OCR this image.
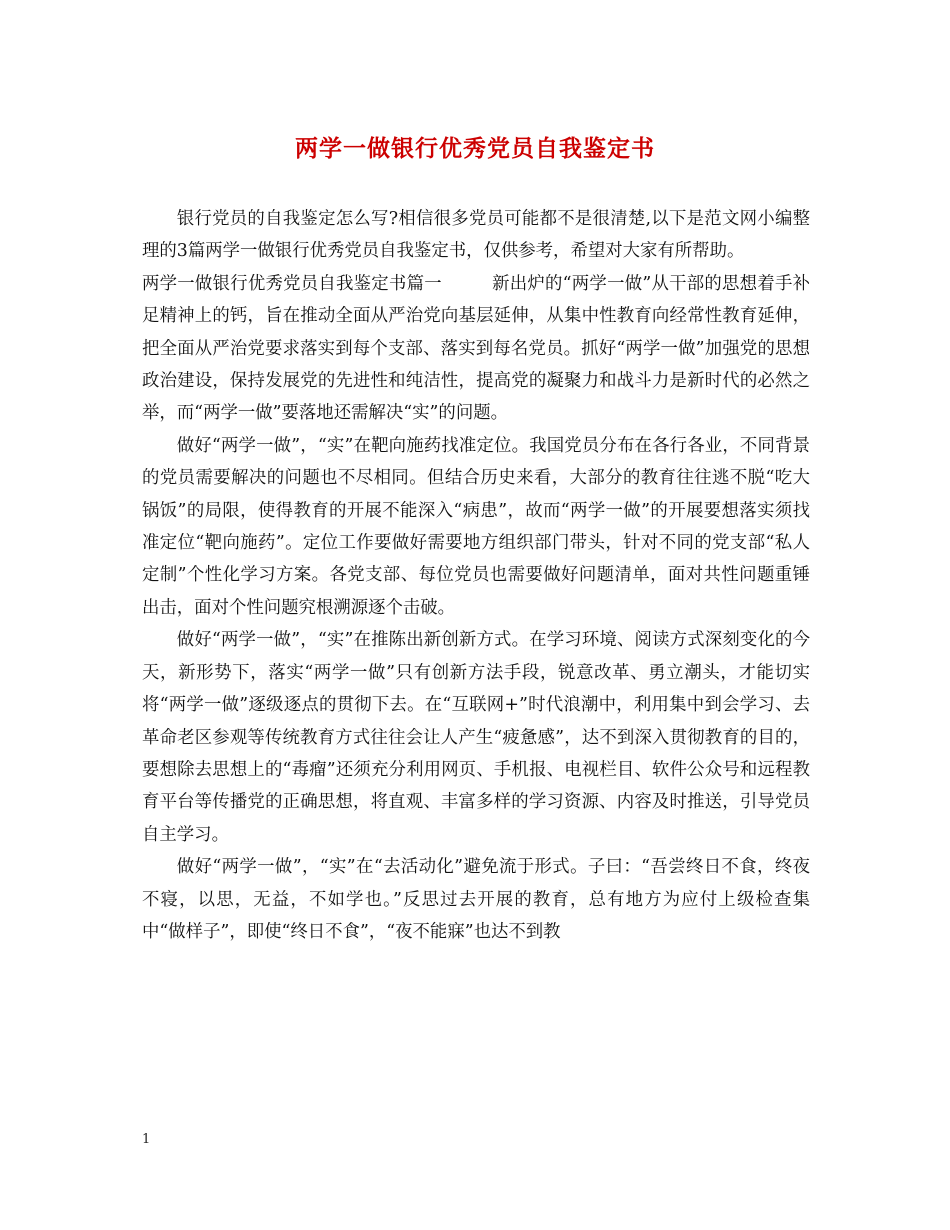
两学一做银行优秀党员自我鉴定书

银行党员的自我鉴定怎么写?相信很多党员可能都不是很清楚,以下是范文网小编整理的3篇两学一做银行优秀党员自我鉴定书，仅供参考，希望对大家有所帮助。

两学一做银行优秀党员自我鉴定书篇一	新出炉的“两学一做”从干部的思想着手补足精神上的钙，旨在推动全面从严治党向基层延伸，从集中性教育向经常性教育延伸，把全面从严治党要求落实到每个支部、落实到每名党员。抓好“两学一做”加强党的思想政治建设，保持发展党的先进性和纯洁性，提高党的凝聚力和战斗力是新时代的必然之举，而“两学一做”要落地还需解决“实”的问题。

做好“两学一做”，“实”在靶向施药找准定位。我国党员分布在各行各业，不同背景的党员需要解决的问题也不尽相同。但结合历史来看，大部分的教育往往逃不脱“吃大锅饭”的局限，使得教育的开展不能深入“病患”，故而“两学一做”的开展要想落实须找准定位“靶向施药”。定位工作要做好需要地方组织部门带头，针对不同的党支部“私人定制”个性化学习方案。各党支部、每位党员也需要做好问题清单，面对共性问题重锤出击，面对个性问题究根溯源逐个击破。

做好“两学一做”，“实”在推陈出新创新方式。在学习环境、阅读方式深刻变化的今天，新形势下，落实“两学一做”只有创新方法手段，锐意改革、勇立潮头，才能切实将“两学一做”逐级逐点的贯彻下去。在“互联网+”时代浪潮中，利用集中到会学习、去革命老区参观等传统教育方式往往会让人产生“疲惫感”，达不到深入贯彻教育的目的，要想除去思想上的“毒瘤”还须充分利用网页、手机报、电视栏目、软件公众号和远程教育平台等传播党的正确思想，将直观、丰富多样的学习资源、内容及时推送，引导党员自主学习。

做好“两学一做”，“实”在“去活动化”避免流于形式。子曰：“吾尝终日不食，终夜不寝，以思，无益，不如学也。”反思过去开展的教育，总有地方为应付上级检查集中“做样子”，即使“终日不食”，“夜不能寐”也达不到教

1
